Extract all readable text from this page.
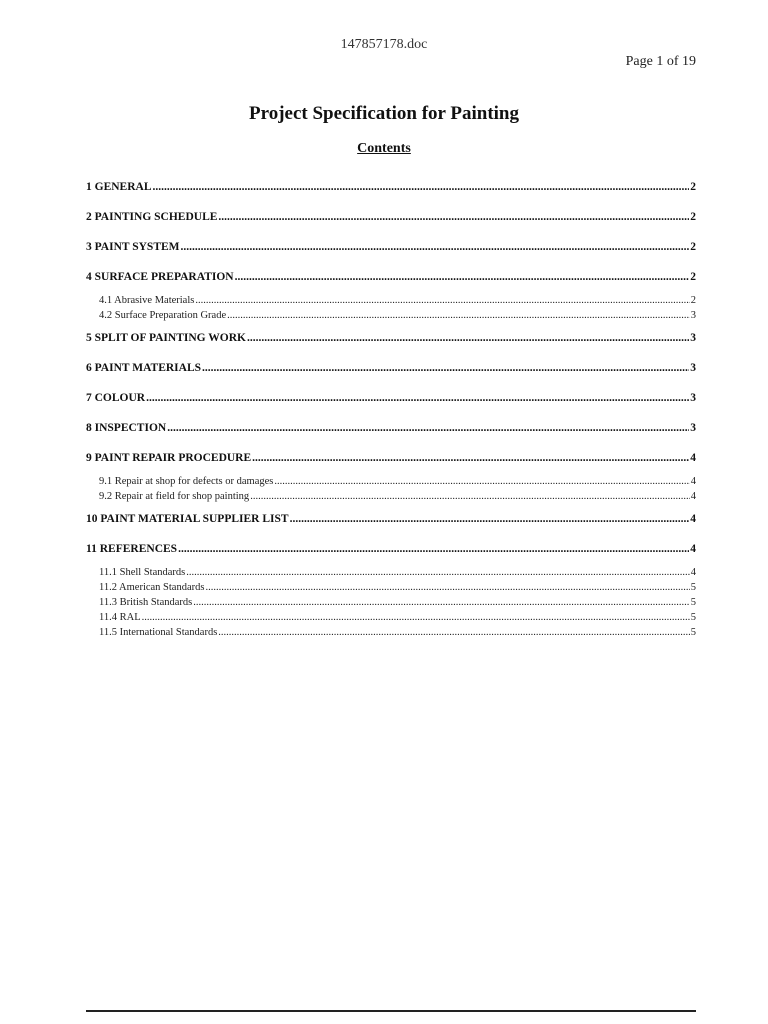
147857178.doc
Page 1 of 19
Project Specification for Painting
Contents
1 GENERAL .....	2
2 PAINTING SCHEDULE .....	2
3 PAINT SYSTEM .....	2
4 SURFACE PREPARATION .....	2
4.1 Abrasive Materials .....	2
4.2 Surface Preparation Grade .....	3
5 SPLIT OF PAINTING WORK .....	3
6 PAINT MATERIALS .....	3
7 COLOUR .....	3
8 INSPECTION .....	3
9 PAINT REPAIR PROCEDURE .....	4
9.1 Repair at shop for defects or damages .....	4
9.2 Repair at field for shop painting .....	4
10 PAINT MATERIAL SUPPLIER LIST .....	4
11 REFERENCES .....	4
11.1 Shell Standards .....	4
11.2 American Standards .....	5
11.3 British Standards .....	5
11.4 RAL .....	5
11.5 International Standards .....	5
